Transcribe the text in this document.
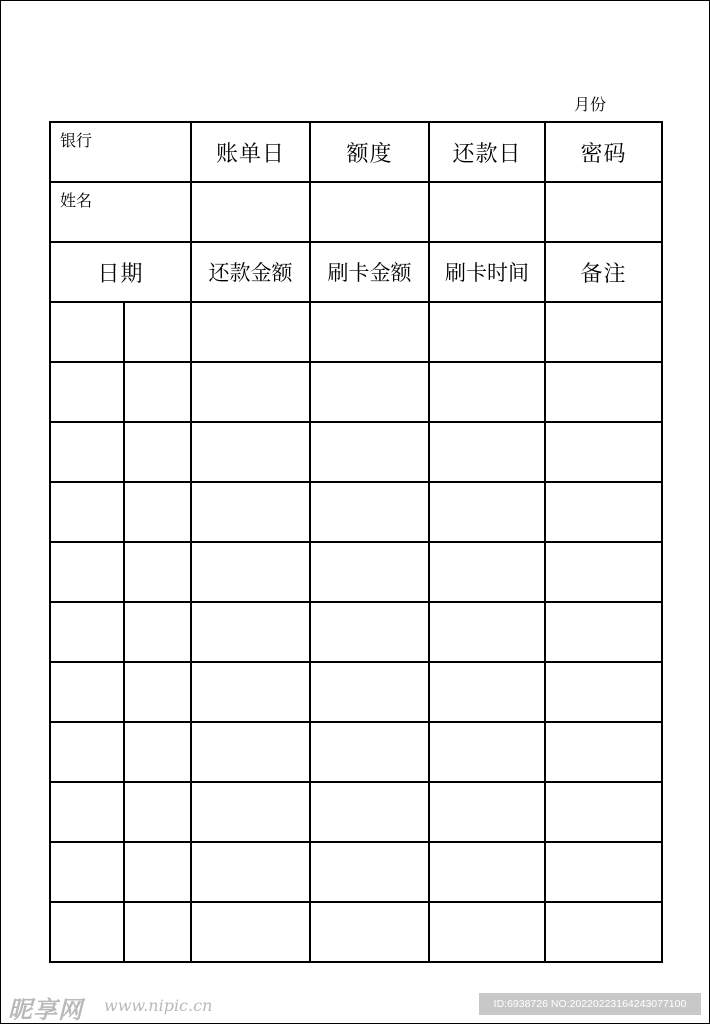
月份
银行		账单日	额度	还款日	密码
姓名					
日期		还款金额	刷卡金额	刷卡时间	备注

昵享网 www.nipic.cn	ID:6938726 NO:20220223164243077100
